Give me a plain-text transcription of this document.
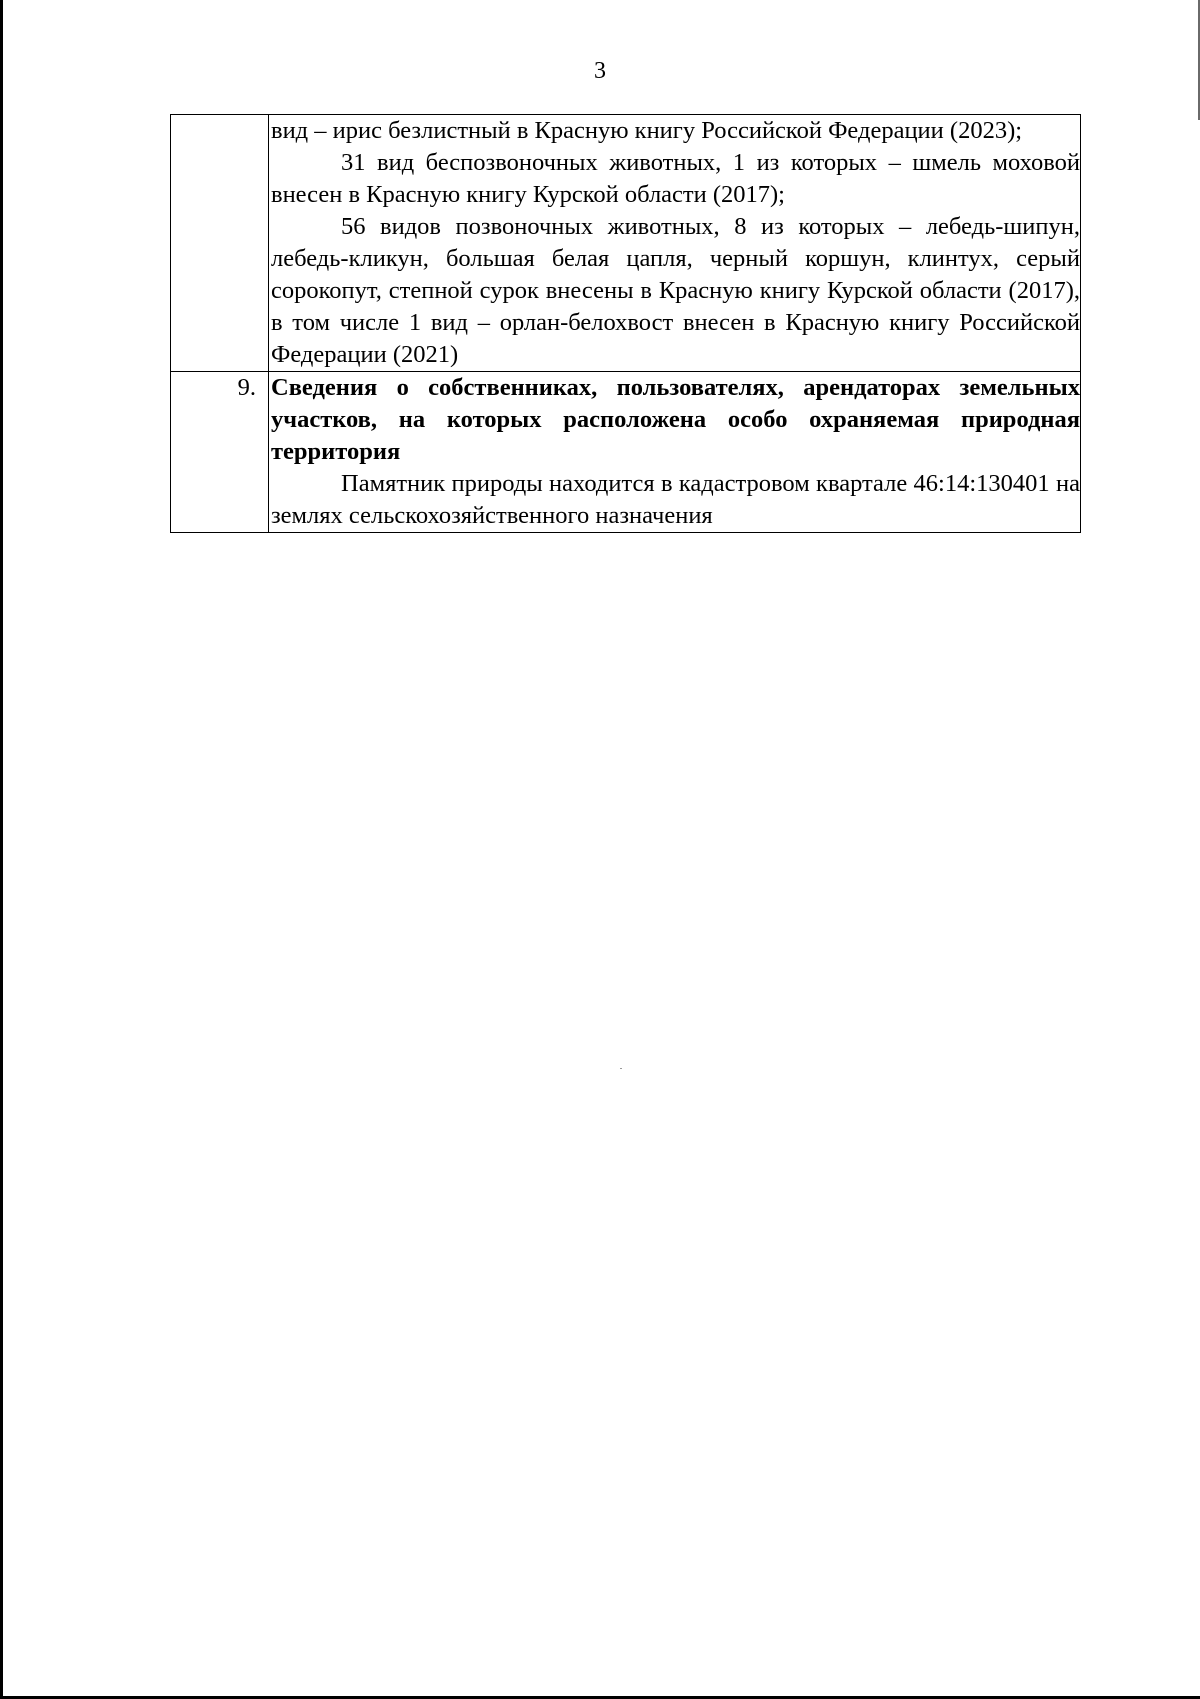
3

	вид – ирис безлистный в Красную книгу Российской Федерации (2023);

31 вид беспозвоночных животных, 1 из которых – шмель моховой внесен в Красную книгу Курской области (2017);

56 видов позвоночных животных, 8 из которых – лебедь-шипун, лебедь-кликун, большая белая цапля, черный коршун, клинтух, серый сорокопут, степной сурок внесены в Красную книгу Курской области (2017), в том числе 1 вид – орлан-белохвост внесен в Красную книгу Российской Федерации (2021)

9.	Сведения о собственниках, пользователях, арендаторах земельных участков, на которых расположена особо охраняемая природная территория

Памятник природы находится в кадастровом квартале 46:14:130401 на землях сельскохозяйственного назначения
